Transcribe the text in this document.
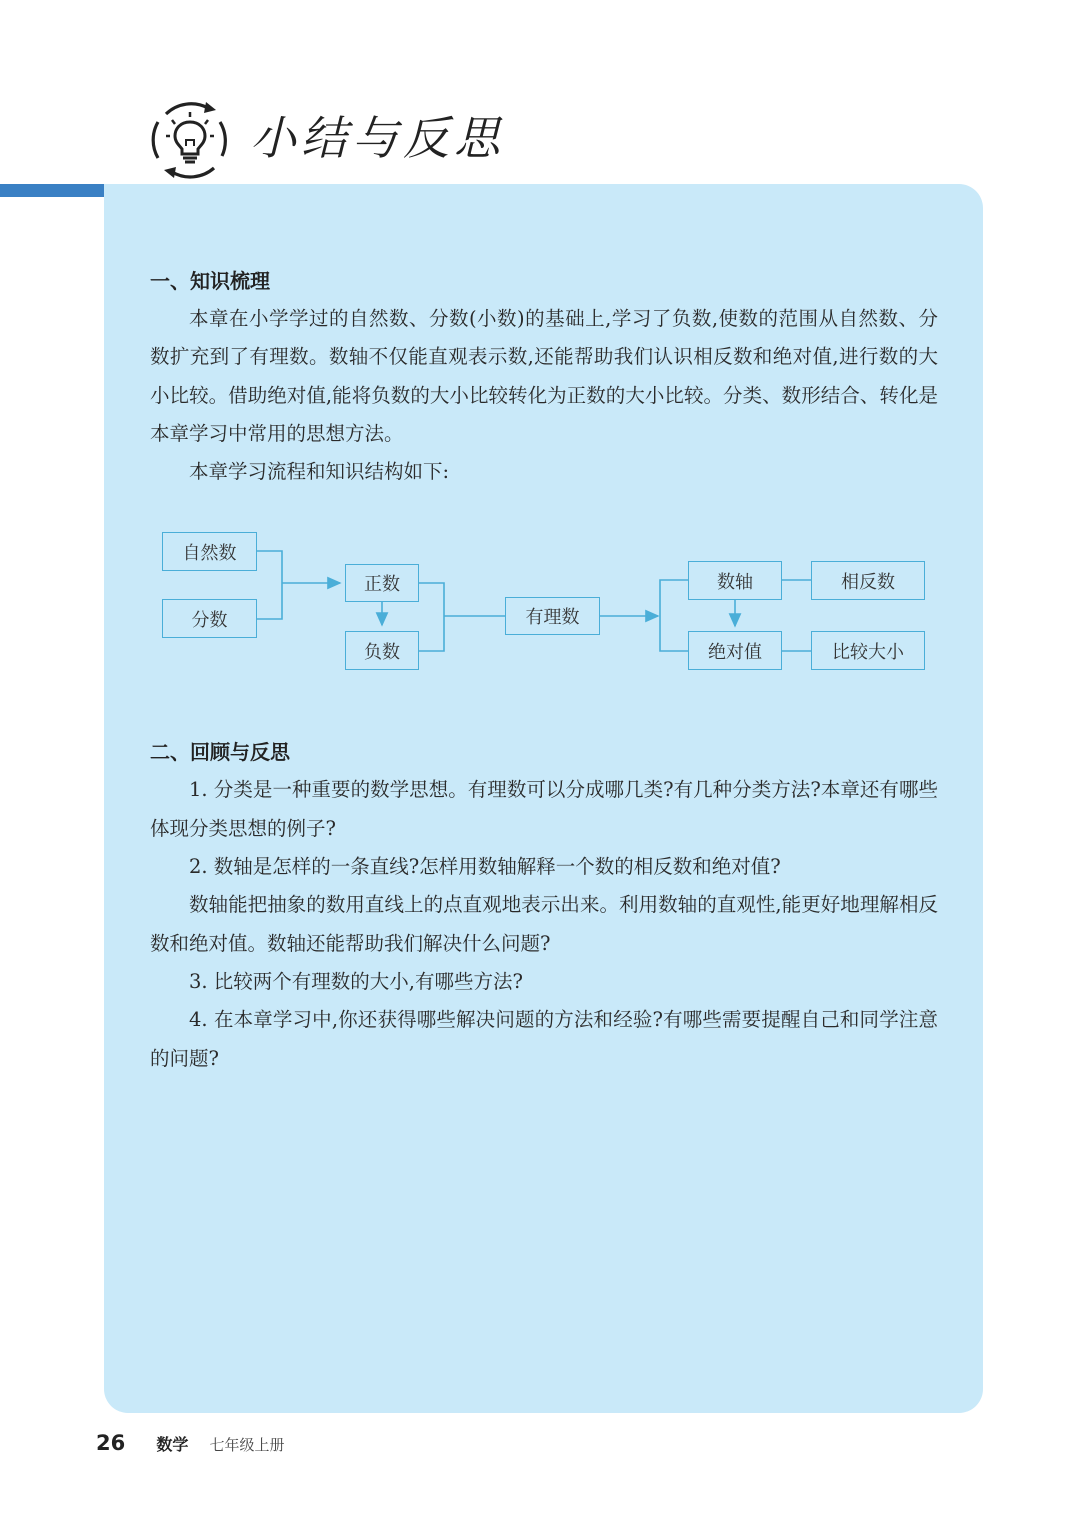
小结与反思

一、知识梳理

本章在小学学过的自然数、分数(小数)的基础上,学习了负数,使数的范围从自然数、分数扩充到了有理数。数轴不仅能直观表示数,还能帮助我们认识相反数和绝对值,进行数的大小比较。借助绝对值,能将负数的大小比较转化为正数的大小比较。分类、数形结合、转化是本章学习中常用的思想方法。

本章学习流程和知识结构如下:

自然数
分数
正数
负数
有理数
数轴	相反数
绝对值	比较大小

二、回顾与反思

1. 分类是一种重要的数学思想。有理数可以分成哪几类?有几种分类方法?本章还有哪些体现分类思想的例子?

2. 数轴是怎样的一条直线?怎样用数轴解释一个数的相反数和绝对值?

数轴能把抽象的数用直线上的点直观地表示出来。利用数轴的直观性,能更好地理解相反数和绝对值。数轴还能帮助我们解决什么问题?

3. 比较两个有理数的大小,有哪些方法?

4. 在本章学习中,你还获得哪些解决问题的方法和经验?有哪些需要提醒自己和同学注意的问题?

26 数学 七年级上册
